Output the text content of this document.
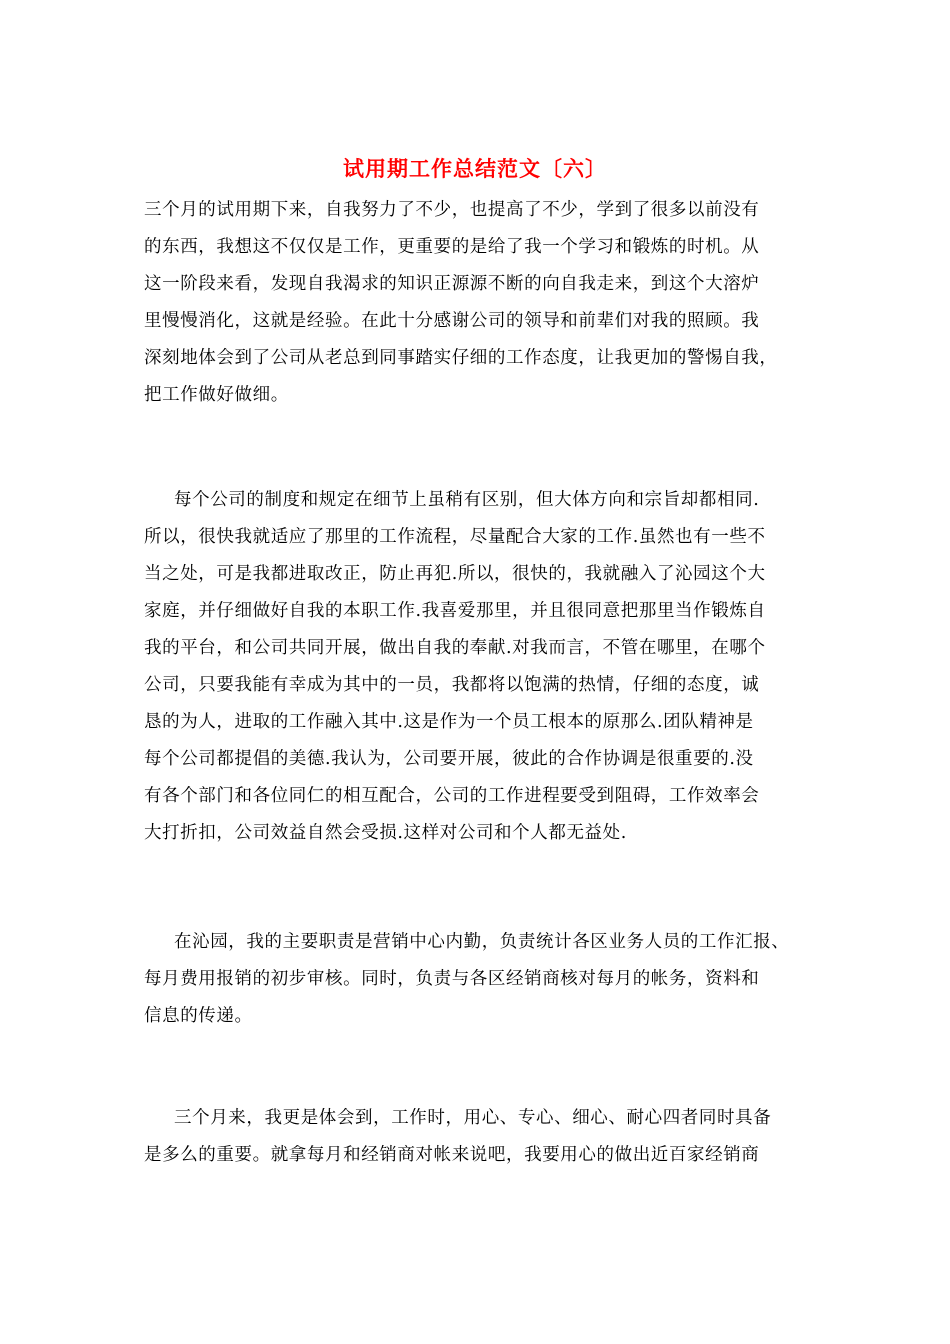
试用期工作总结范文〔六〕
三个月的试用期下来，自我努力了不少，也提高了不少，学到了很多以前没有
的东西，我想这不仅仅是工作，更重要的是给了我一个学习和锻炼的时机。从
这一阶段来看，发现自我渴求的知识正源源不断的向自我走来，到这个大溶炉
里慢慢消化，这就是经验。在此十分感谢公司的领导和前辈们对我的照顾。我
深刻地体会到了公司从老总到同事踏实仔细的工作态度，让我更加的警惕自我，
把工作做好做细。
每个公司的制度和规定在细节上虽稍有区别，但大体方向和宗旨却都相同.
所以，很快我就适应了那里的工作流程，尽量配合大家的工作.虽然也有一些不
当之处，可是我都进取改正，防止再犯.所以，很快的，我就融入了沁园这个大
家庭，并仔细做好自我的本职工作.我喜爱那里，并且很同意把那里当作锻炼自
我的平台，和公司共同开展，做出自我的奉献.对我而言，不管在哪里，在哪个
公司，只要我能有幸成为其中的一员，我都将以饱满的热情，仔细的态度，诚
恳的为人，进取的工作融入其中.这是作为一个员工根本的原那么.团队精神是
每个公司都提倡的美德.我认为，公司要开展，彼此的合作协调是很重要的.没
有各个部门和各位同仁的相互配合，公司的工作进程要受到阻碍，工作效率会
大打折扣，公司效益自然会受损.这样对公司和个人都无益处.
在沁园，我的主要职责是营销中心内勤，负责统计各区业务人员的工作汇报、
每月费用报销的初步审核。同时，负责与各区经销商核对每月的帐务，资料和
信息的传递。
三个月来，我更是体会到，工作时，用心、专心、细心、耐心四者同时具备
是多么的重要。就拿每月和经销商对帐来说吧，我要用心的做出近百家经销商
